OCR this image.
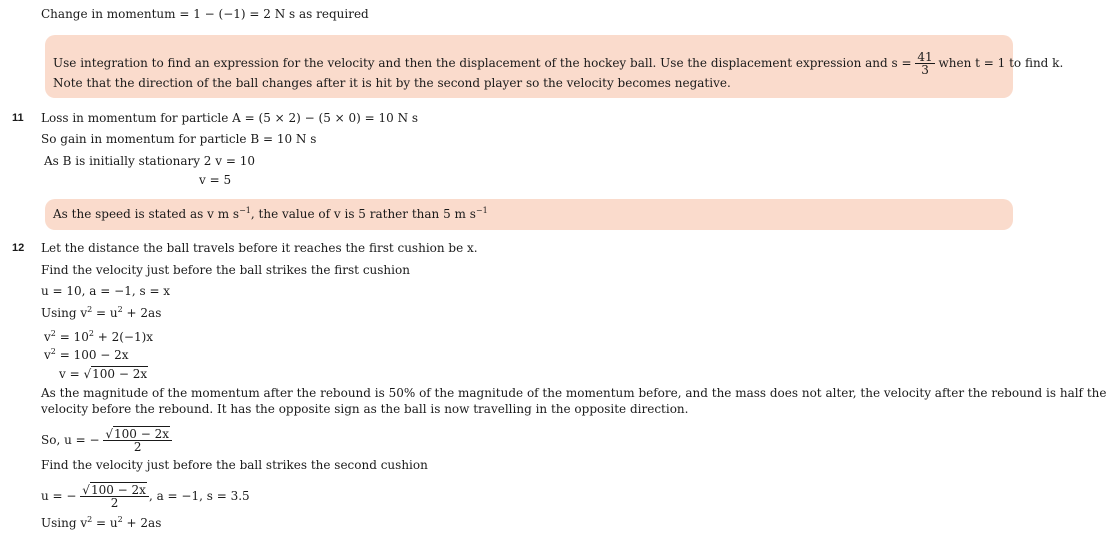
Change in momentum = 1 − (−1) = 2 N s as required
Use integration to find an expression for the velocity and then the displacement of the hockey ball. Use the displacement expression and $s = \frac{41}{3}$ when t = 1 to find k.
Note that the direction of the ball changes after it is hit by the second player so the velocity becomes negative.
11 Loss in momentum for particle A = (5 × 2) − (5 × 0) = 10 N s
So gain in momentum for particle B = 10 N s
As B is initially stationary 2 v = 10
v = 5
As the speed is stated as v m $s^{-1}$, the value of v is 5 rather than 5 m $s^{-1}$
12 Let the distance the ball travels before it reaches the first cushion be x.
Find the velocity just before the ball strikes the first cushion
u = 10, a = −1, s = x
Using $v^2 = u^2 + 2as$
$v^2 = 10^2 + 2(-1)x$
$v^2 = 100 - 2x$
v = √100 − 2x
As the magnitude of the momentum after the rebound is 50% of the magnitude of the momentum before, and the mass does not alter, the velocity after the rebound is half the
velocity before the rebound. It has the opposite sign as the ball is now travelling in the opposite direction.
So, u = − $\frac{√100 - 2x}{2}$
Find the velocity just before the ball strikes the second cushion
u = − $\frac{√100 - 2x}{2}$ , a = −1, s = 3.5
Using $v^2 = u^2 + 2as$
